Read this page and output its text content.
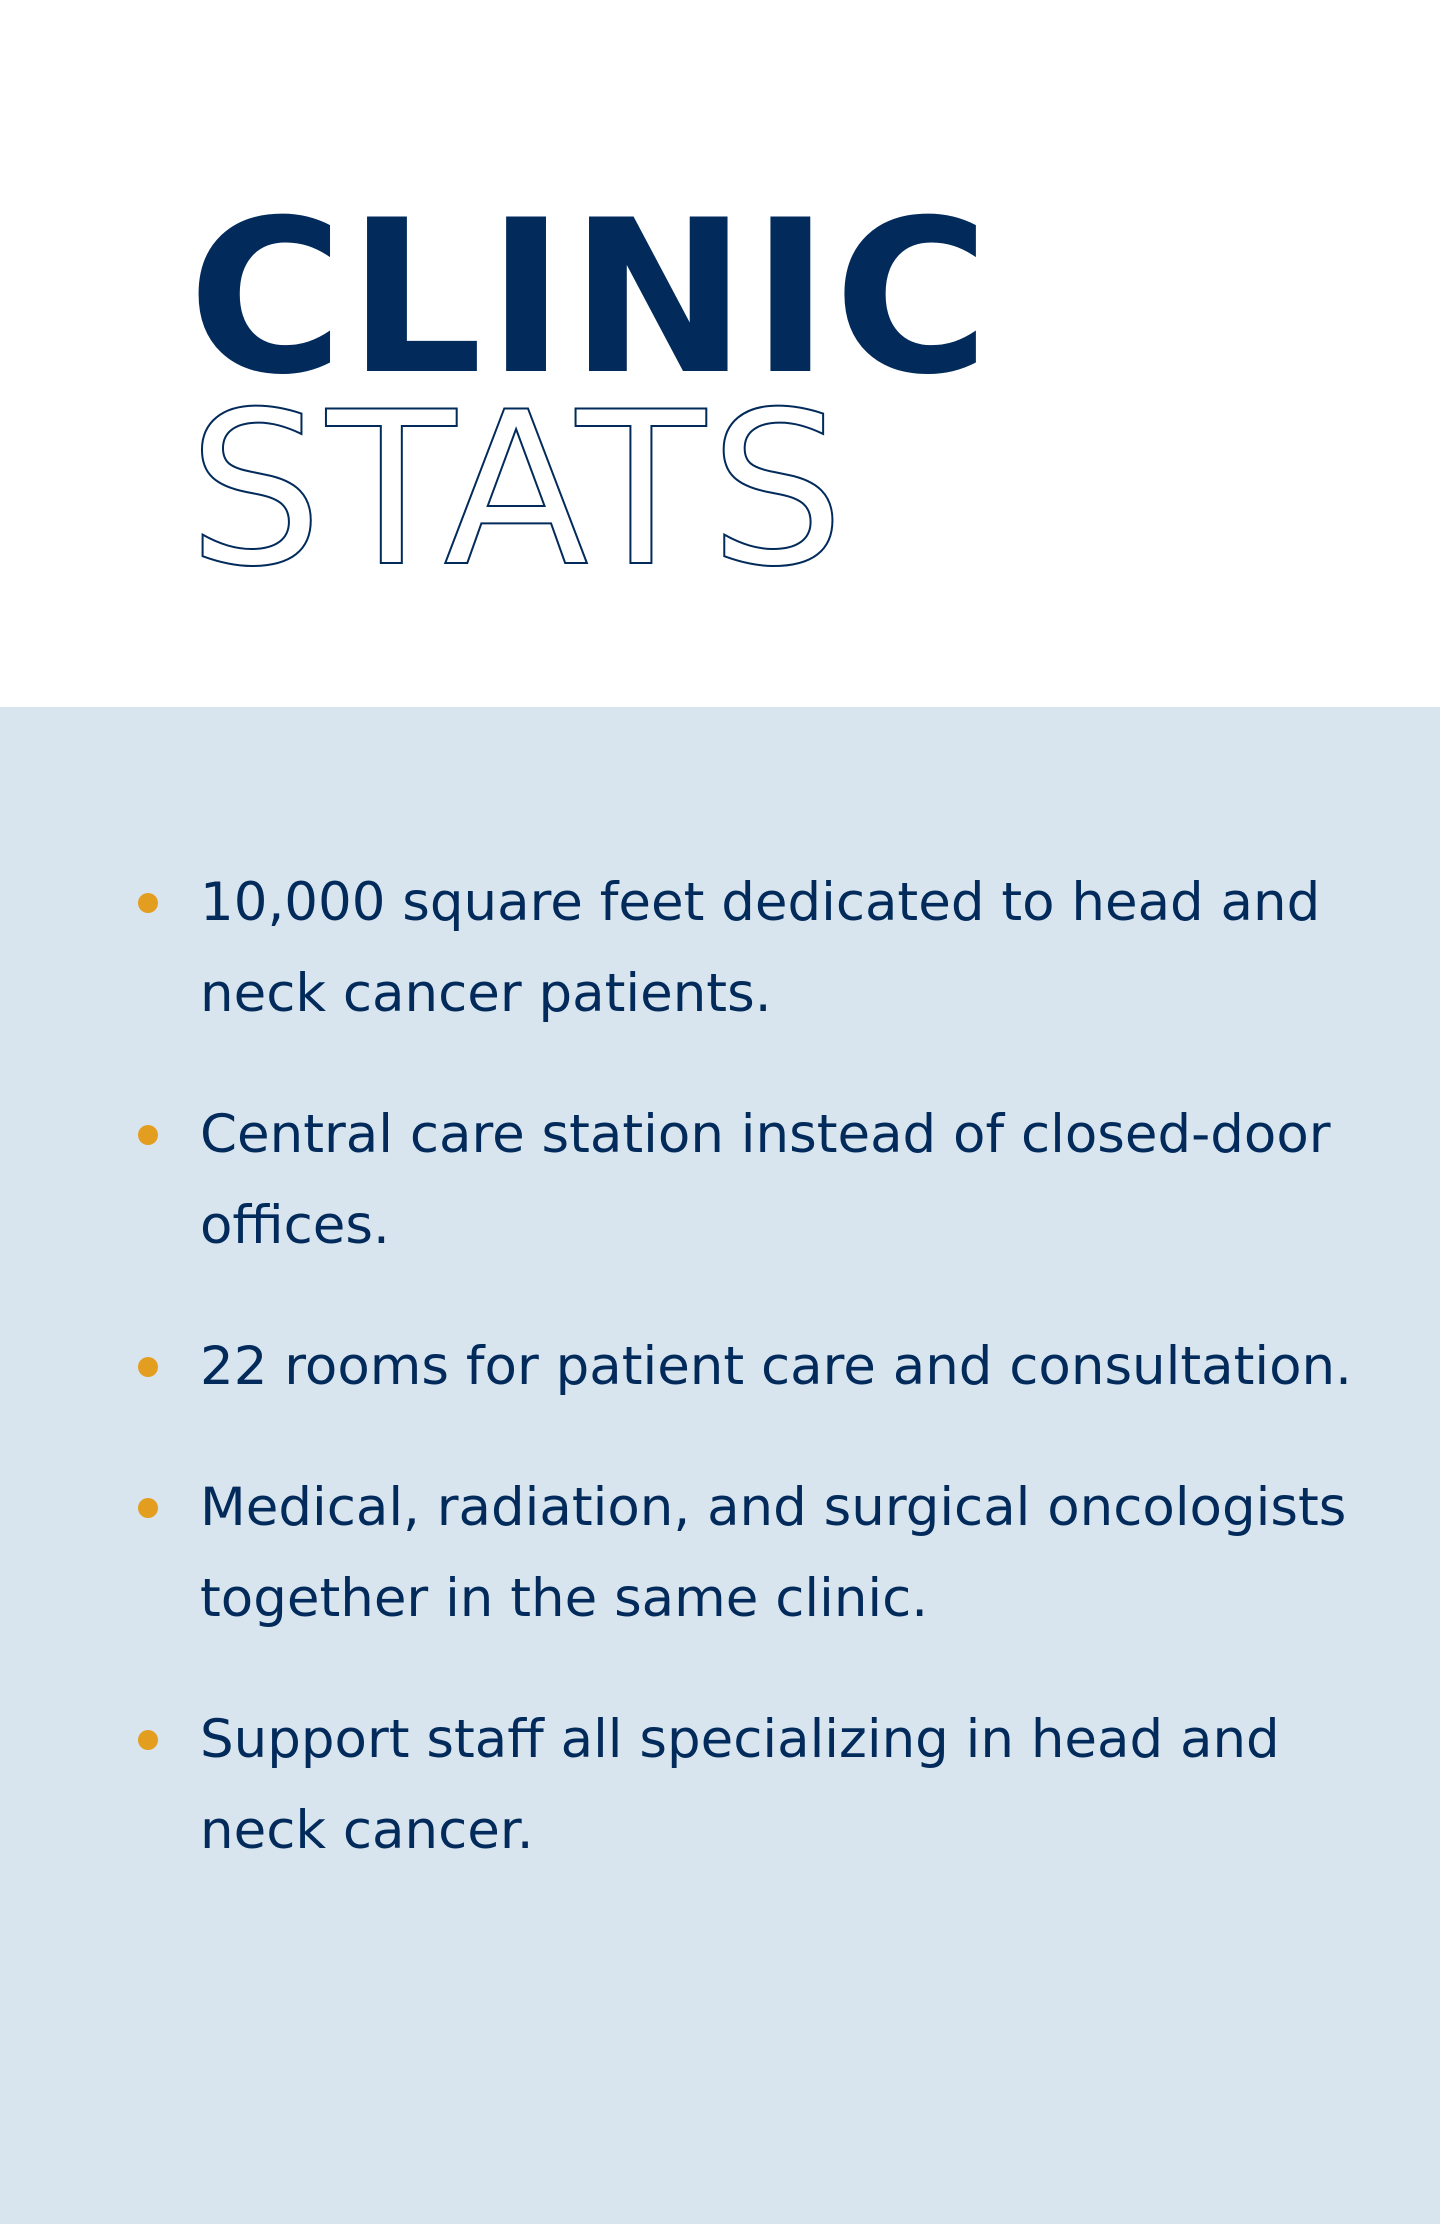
CLINIC
STATS
10,000 square feet dedicated to head and neck cancer patients.
Central care station instead of closed-door offices.
22 rooms for patient care and consultation.
Medical, radiation, and surgical oncologists together in the same clinic.
Support staff all specializing in head and neck cancer.
